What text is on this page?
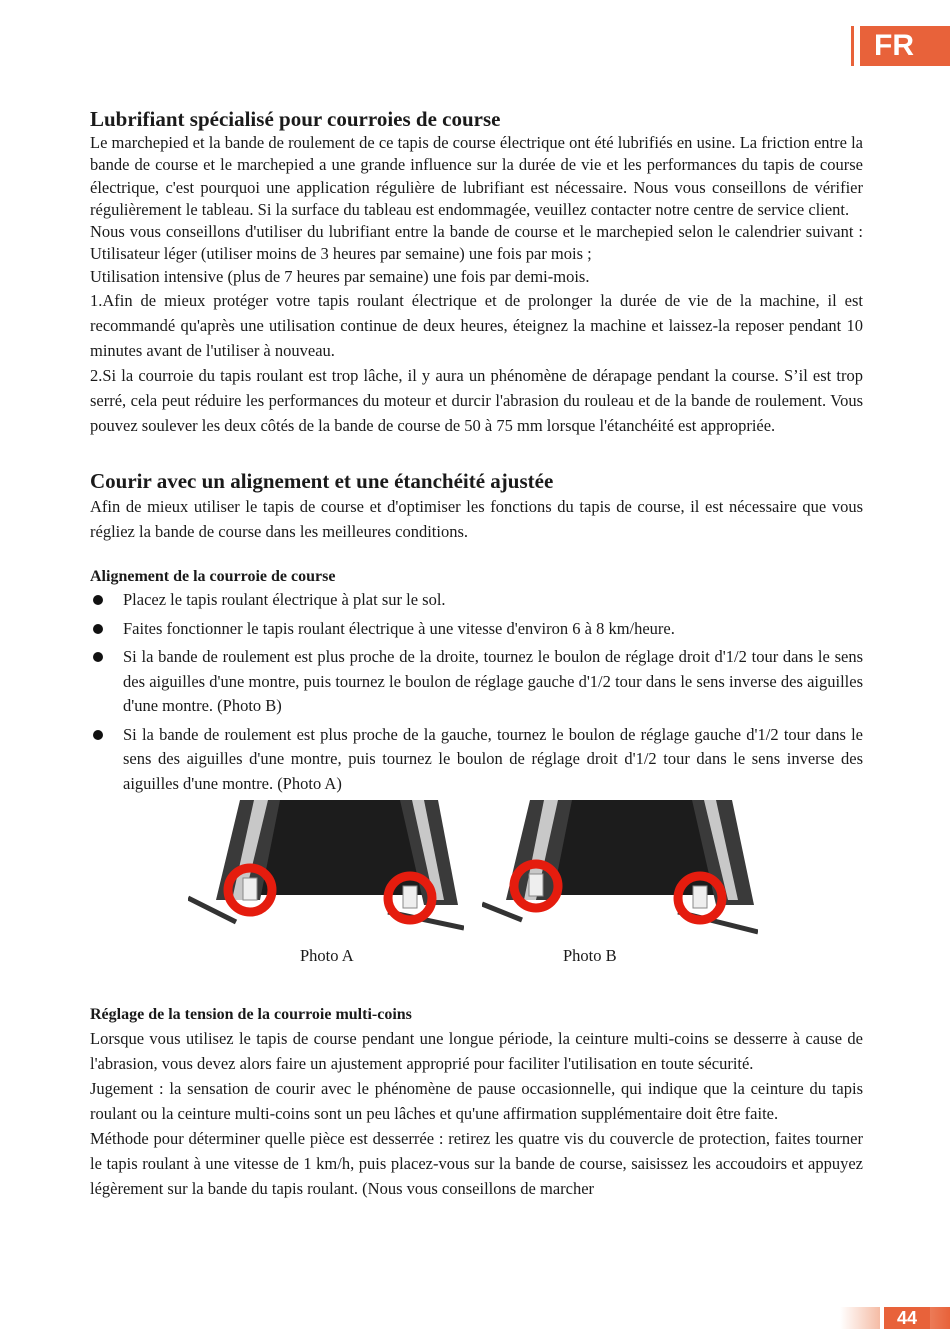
FR
Lubrifiant spécialisé pour courroies de course

Le marchepied et la bande de roulement de ce tapis de course électrique ont été lubrifiés en usine. La friction entre la bande de course et le marchepied a une grande influence sur la durée de vie et les performances du tapis de course électrique, c'est pourquoi une application régulière de lubrifiant est nécessaire. Nous vous conseillons de vérifier régulièrement le tableau. Si la surface du tableau est endommagée, veuillez contacter notre centre de service client.

Nous vous conseillons d'utiliser du lubrifiant entre la bande de course et le marchepied selon le calendrier suivant : Utilisateur léger (utiliser moins de 3 heures par semaine) une fois par mois ;

Utilisation intensive (plus de 7 heures par semaine) une fois par demi-mois.

1.Afin de mieux protéger votre tapis roulant électrique et de prolonger la durée de vie de la machine, il est recommandé qu'après une utilisation continue de deux heures, éteignez la machine et laissez-la reposer pendant 10 minutes avant de l'utiliser à nouveau.

2.Si la courroie du tapis roulant est trop lâche, il y aura un phénomène de dérapage pendant la course. S’il est trop serré, cela peut réduire les performances du moteur et durcir l'abrasion du rouleau et de la bande de roulement. Vous pouvez soulever les deux côtés de la bande de course de 50 à 75 mm lorsque l'étanchéité est appropriée.

Courir avec un alignement et une étanchéité ajustée

Afin de mieux utiliser le tapis de course et d'optimiser les fonctions du tapis de course, il est nécessaire que vous régliez la bande de course dans les meilleures conditions.

Alignement de la courroie de course
Placez le tapis roulant électrique à plat sur le sol.
Faites fonctionner le tapis roulant électrique à une vitesse d'environ 6 à 8 km/heure.
Si la bande de roulement est plus proche de la droite, tournez le boulon de réglage droit d'1/2 tour dans le sens des aiguilles d'une montre, puis tournez le boulon de réglage gauche d'1/2 tour dans le sens inverse des aiguilles d'une montre. (Photo B)
Si la bande de roulement est plus proche de la gauche, tournez le boulon de réglage gauche d'1/2 tour dans le sens des aiguilles d'une montre, puis tournez le boulon de réglage droit d'1/2 tour dans le sens inverse des aiguilles d'une montre. (Photo A)
Photo A	Photo B
Réglage de la tension de la courroie multi-coins

Lorsque vous utilisez le tapis de course pendant une longue période, la ceinture multi-coins se desserre à cause de l'abrasion, vous devez alors faire un ajustement approprié pour faciliter l'utilisation en toute sécurité.

Jugement : la sensation de courir avec le phénomène de pause occasionnelle, qui indique que la ceinture du tapis roulant ou la ceinture multi-coins sont un peu lâches et qu'une affirmation supplémentaire doit être faite.

Méthode pour déterminer quelle pièce est desserrée : retirez les quatre vis du couvercle de protection, faites tourner le tapis roulant à une vitesse de 1 km/h, puis placez-vous sur la bande de course, saisissez les accoudoirs et appuyez légèrement sur la bande du tapis roulant. (Nous vous conseillons de marcher

44
